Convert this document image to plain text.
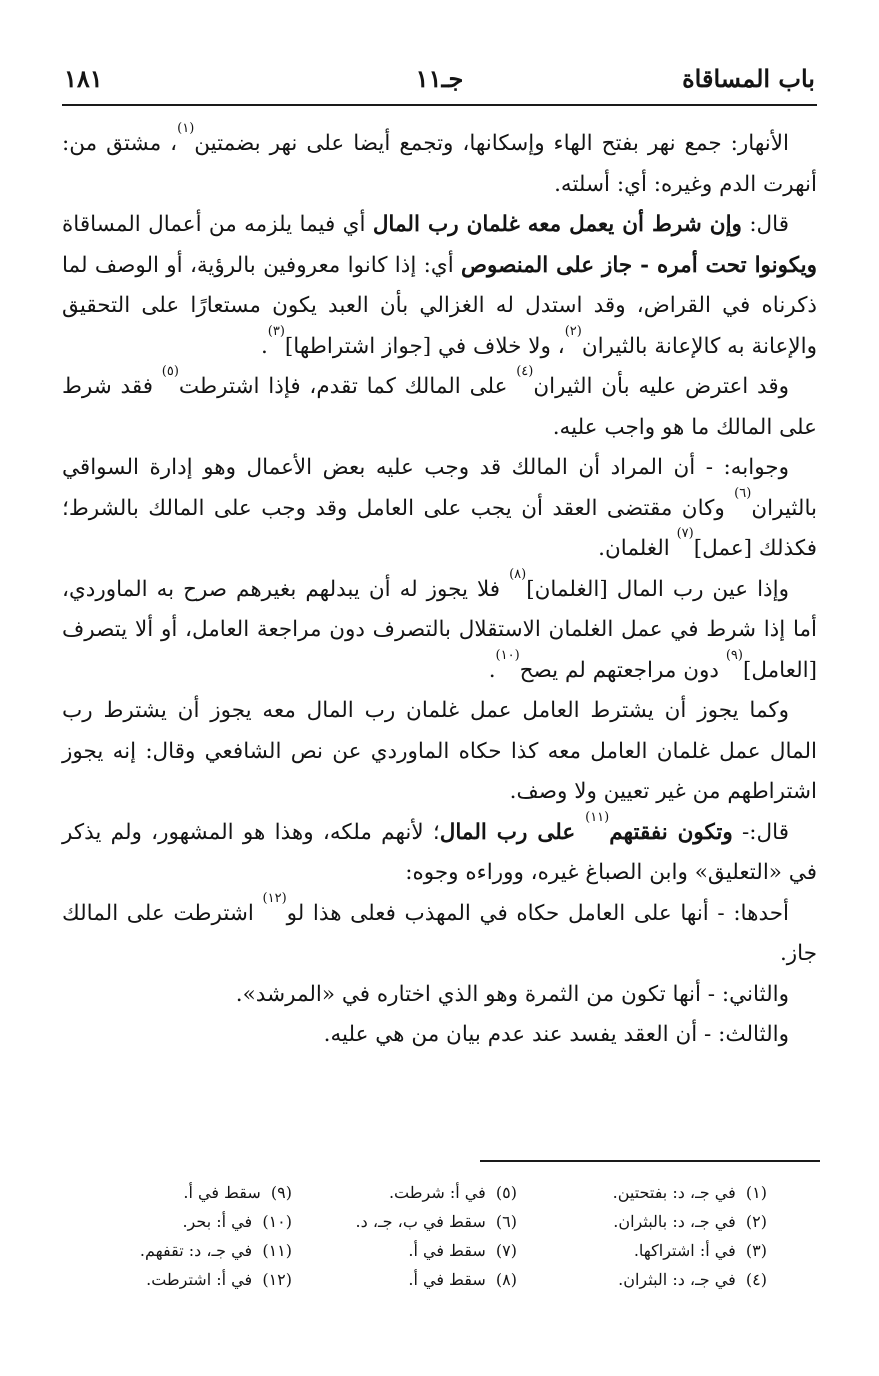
١٨١	جـ١١	باب المساقاة

الأنهار: جمع نهر بفتح الهاء وإسكانها، وتجمع أيضا على نهر بضمتين$^{(١)}$، مشتق من: أنهرت الدم وغيره: أي: أسلته.

قال: وإن شرط أن يعمل معه غلمان رب المال أي فيما يلزمه من أعمال المساقاة ويكونوا تحت أمره - جاز على المنصوص أي: إذا كانوا معروفين بالرؤية، أو الوصف لما ذكرناه في القراض، وقد استدل له الغزالي بأن العبد يكون مستعارًا على التحقيق والإعانة به كالإعانة بالثيران$^{(٢)}$، ولا خلاف في [جواز اشتراطها]$^{(٣)}$.

وقد اعترض عليه بأن الثيران$^{(٤)}$ على المالك كما تقدم، فإذا اشترطت$^{(٥)}$ فقد شرط على المالك ما هو واجب عليه.

وجوابه: - أن المراد أن المالك قد وجب عليه بعض الأعمال وهو إدارة السواقي بالثيران$^{(٦)}$ وكان مقتضى العقد أن يجب على العامل وقد وجب على المالك بالشرط؛ فكذلك [عمل]$^{(٧)}$ الغلمان.

وإذا عين رب المال [الغلمان]$^{(٨)}$ فلا يجوز له أن يبدلهم بغيرهم صرح به الماوردي، أما إذا شرط في عمل الغلمان الاستقلال بالتصرف دون مراجعة العامل، أو ألا يتصرف [العامل]$^{(٩)}$ دون مراجعتهم لم يصح$^{(١٠)}$.

وكما يجوز أن يشترط العامل عمل غلمان رب المال معه يجوز أن يشترط رب المال عمل غلمان العامل معه كذا حكاه الماوردي عن نص الشافعي وقال: إنه يجوز اشتراطهم من غير تعيين ولا وصف.

قال:- وتكون نفقتهم$^{(١١)}$ على رب المال؛ لأنهم ملكه، وهذا هو المشهور، ولم يذكر في «التعليق» وابن الصباغ غيره، ووراءه وجوه:

أحدها: - أنها على العامل حكاه في المهذب فعلى هذا لو$^{(١٢)}$ اشترطت على المالك جاز.

والثاني: - أنها تكون من الثمرة وهو الذي اختاره في «المرشد».

والثالث: - أن العقد يفسد عند عدم بيان من هي عليه.

(١)  في جـ، د: بفتحتين.
(٢)  في جـ، د: بالبثران.
(٣)  في أ: اشتراكها.
(٤)  في جـ، د: البثران.
(٥)  في أ: شرطت.
(٦)  سقط في ب، جـ، د.
(٧)  سقط في أ.
(٨)  سقط في أ.
(٩)  سقط في أ.
(١٠)  في أ: بحر.
(١١)  في جـ، د: تقفهم.
(١٢)  في أ: اشترطت.
